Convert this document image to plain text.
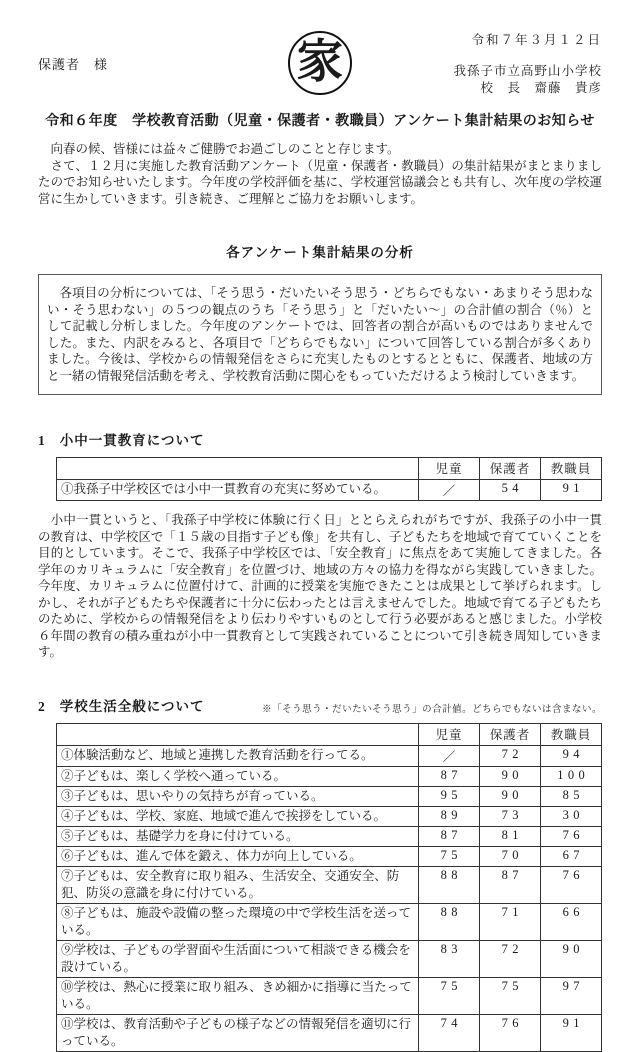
令和７年３月１２日
保護者　様	家	我孫子市立高野山小学校
校　長　齋藤　貴彦
令和６年度　学校教育活動（児童・保護者・教職員）アンケート集計結果のお知らせ

　向春の候、皆様には益々ご健勝でお過ごしのことと存じます。

　さて、１２月に実施した教育活動アンケート（児童・保護者・教職員）の集計結果がまとまりましたのでお知らせいたします。今年度の学校評価を基に、学校運営協議会とも共有し、次年度の学校運営に生かしていきます。引き続き、ご理解とご協力をお願いします。

各アンケート集計結果の分析

　各項目の分析については、「そう思う・だいたいそう思う・どちらでもない・あまりそう思わない・そう思わない」の５つの観点のうち「そう思う」と「だいたい～」の合計値の割合（％）として記載し分析しました。今年度のアンケートでは、回答者の割合が高いものではありませんでした。また、内訳をみると、各項目で「どちらでもない」について回答している割合が多くありました。今後は、学校からの情報発信をさらに充実したものとするとともに、保護者、地域の方と一緒の情報発信活動を考え、学校教育活動に関心をもっていただけるよう検討していきます。

1 小中一貫教育について
	児童	保護者	教職員
①我孫子中学校区では小中一貫教育の充実に努めている。	／	54	91

　小中一貫というと、「我孫子中学校に体験に行く日」ととらえられがちですが、我孫子の小中一貫の教育は、中学校区で「１５歳の目指す子ども像」を共有し、子どもたちを地域で育てていくことを目的としています。そこで、我孫子中学校区では、「安全教育」に焦点をあて実施してきました。各学年のカリキュラムに「安全教育」を位置づけ、地域の方々の協力を得ながら実践していきました。今年度、カリキュラムに位置付けて、計画的に授業を実施できたことは成果として挙げられます。しかし、それが子どもたちや保護者に十分に伝わったとは言えませんでした。地域で育てる子どもたちのために、学校からの情報発信をより伝わりやすいものとして行う必要があると感じました。小学校６年間の教育の積み重ねが小中一貫教育として実践されていることについて引き続き周知していきます。

2 学校生活全般について	※「そう思う・だいたいそう思う」の合計値。どちらでもないは含まない。
	児童	保護者	教職員
①体験活動など、地域と連携した教育活動を行ってる。	／	72	94
②子どもは、楽しく学校へ通っている。	87	90	100
③子どもは、思いやりの気持ちが育っている。	95	90	85
④子どもは、学校、家庭、地域で進んで挨拶をしている。	89	73	30
⑤子どもは、基礎学力を身に付けている。	87	81	76
⑥子どもは、進んで体を鍛え、体力が向上している。	75	70	67
⑦子どもは、安全教育に取り組み、生活安全、交通安全、防犯、防災の意識を身に付けている。	88	87	76
⑧子どもは、施設や設備の整った環境の中で学校生活を送っている。	88	71	66
⑨学校は、子どもの学習面や生活面について相談できる機会を設けている。	83	72	90
⑩学校は、熱心に授業に取り組み、きめ細かに指導に当たっている。	75	75	97
⑪学校は、教育活動や子どもの様子などの情報発信を適切に行っている。	74	76	91
